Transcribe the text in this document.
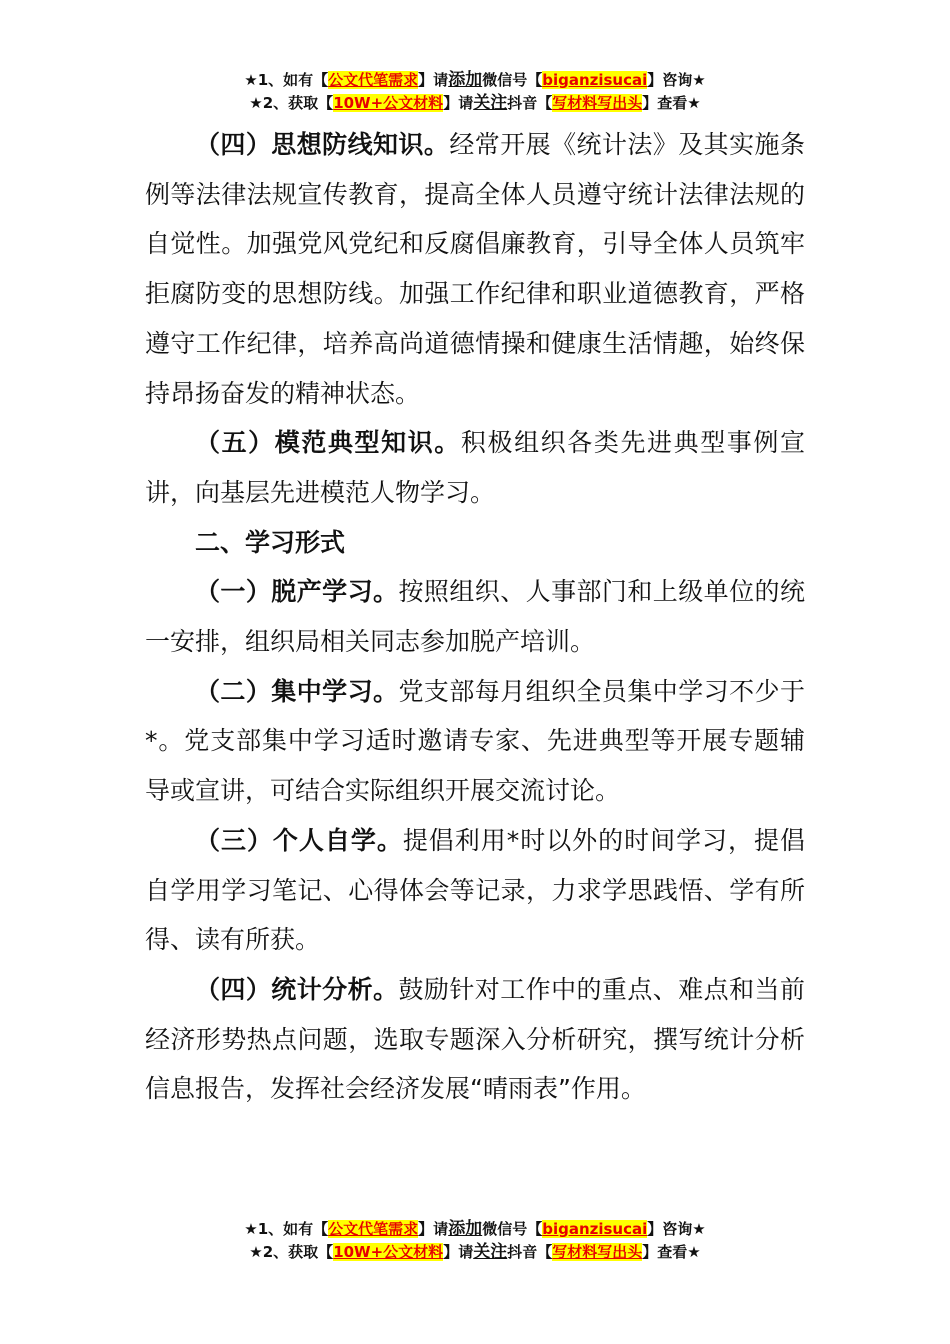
★1、如有【公文代笔需求】请添加微信号【biganzisucai】咨询★
★2、获取【10W+公文材料】请关注抖音【写材料写出头】查看★

（四）思想防线知识。经常开展《统计法》及其实施条例等法律法规宣传教育，提高全体人员遵守统计法律法规的自觉性。加强党风党纪和反腐倡廉教育，引导全体人员筑牢拒腐防变的思想防线。加强工作纪律和职业道德教育，严格遵守工作纪律，培养高尚道德情操和健康生活情趣，始终保持昂扬奋发的精神状态。

（五）模范典型知识。积极组织各类先进典型事例宣讲，向基层先进模范人物学习。

二、学习形式

（一）脱产学习。按照组织、人事部门和上级单位的统一安排，组织局相关同志参加脱产培训。

（二）集中学习。党支部每月组织全员集中学习不少于*。党支部集中学习适时邀请专家、先进典型等开展专题辅导或宣讲，可结合实际组织开展交流讨论。

（三）个人自学。提倡利用*时以外的时间学习，提倡自学用学习笔记、心得体会等记录，力求学思践悟、学有所得、读有所获。

（四）统计分析。鼓励针对工作中的重点、难点和当前经济形势热点问题，选取专题深入分析研究，撰写统计分析信息报告，发挥社会经济发展“晴雨表”作用。

★1、如有【公文代笔需求】请添加微信号【biganzisucai】咨询★
★2、获取【10W+公文材料】请关注抖音【写材料写出头】查看★
